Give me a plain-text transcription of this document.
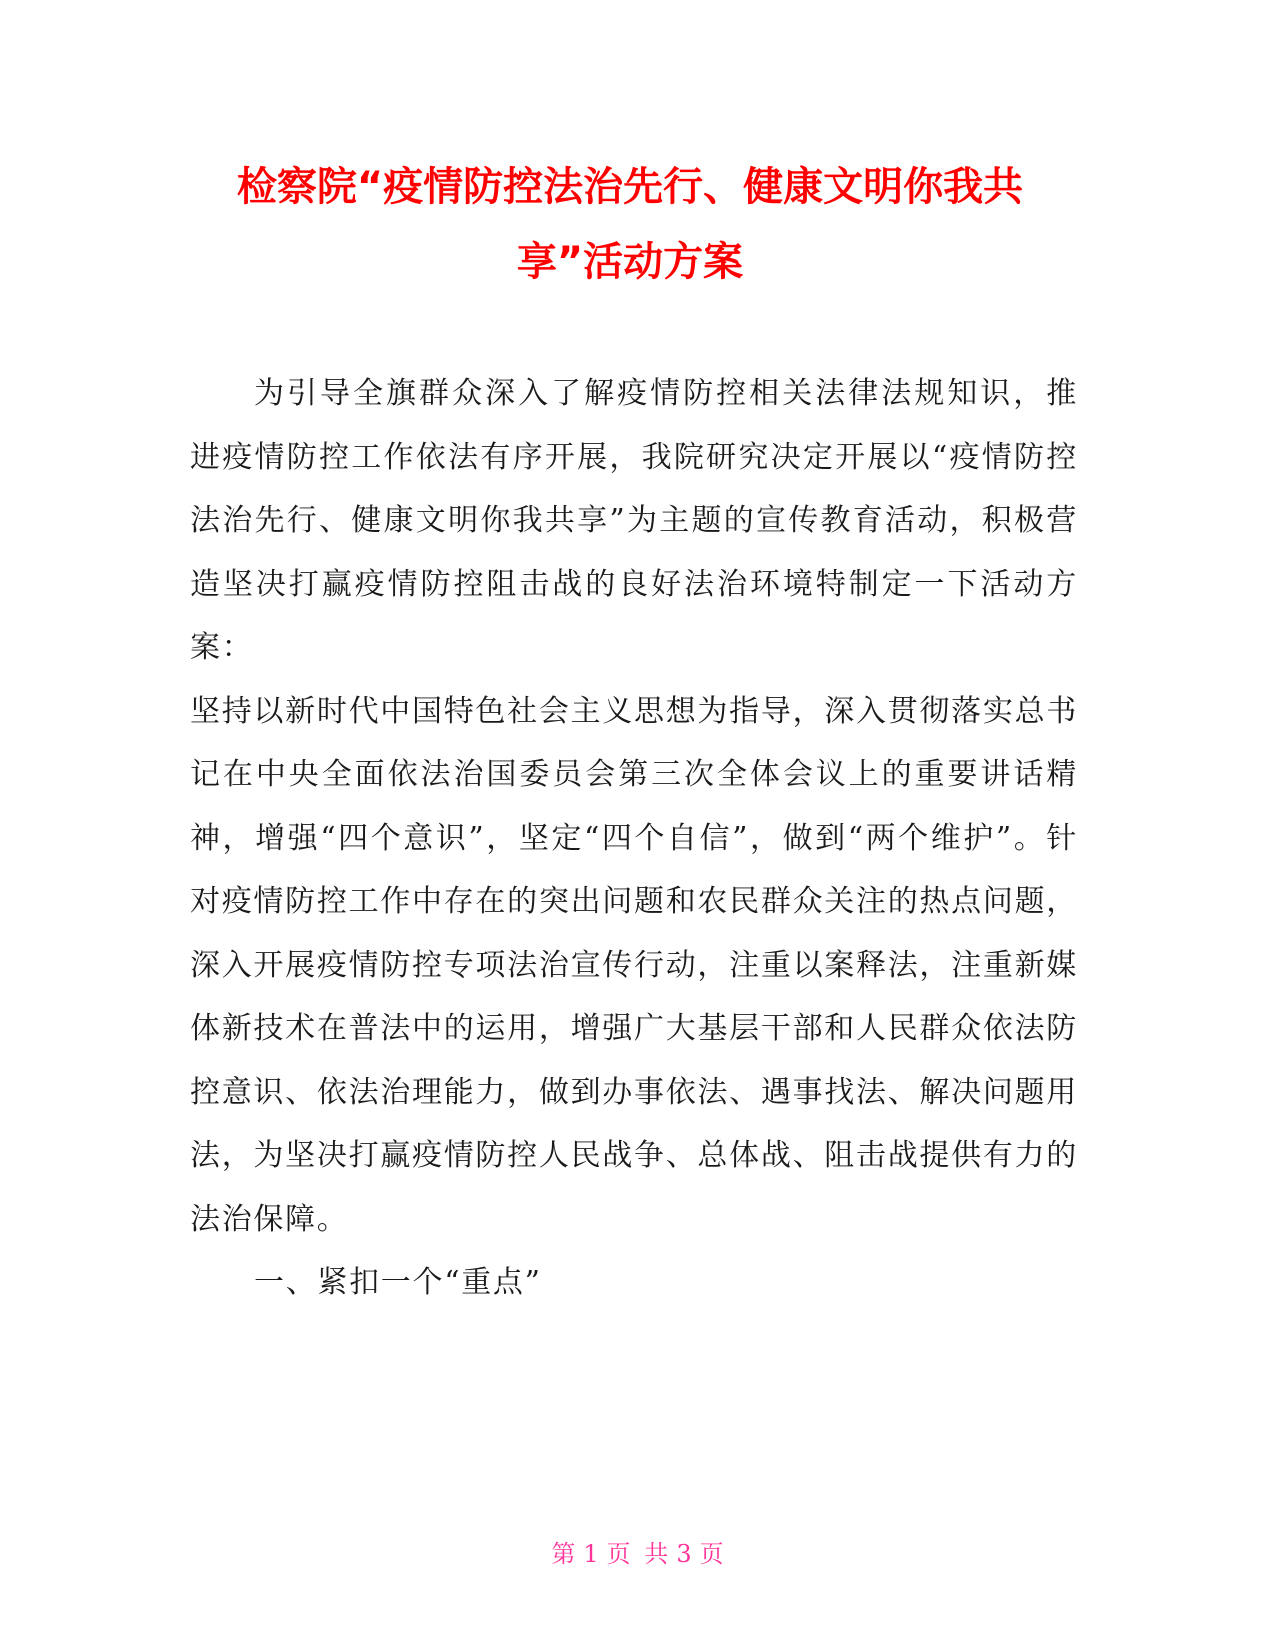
检察院“疫情防控法治先行、健康文明你我共
享”活动方案

为引导全旗群众深入了解疫情防控相关法律法规知识，推进疫情防控工作依法有序开展，我院研究决定开展以“疫情防控法治先行、健康文明你我共享”为主题的宣传教育活动，积极营造坚决打赢疫情防控阻击战的良好法治环境特制定一下活动方案：

坚持以新时代中国特色社会主义思想为指导，深入贯彻落实总书记在中央全面依法治国委员会第三次全体会议上的重要讲话精神，增强“四个意识”，坚定“四个自信”，做到“两个维护”。针对疫情防控工作中存在的突出问题和农民群众关注的热点问题，深入开展疫情防控专项法治宣传行动，注重以案释法，注重新媒体新技术在普法中的运用，增强广大基层干部和人民群众依法防控意识、依法治理能力，做到办事依法、遇事找法、解决问题用法，为坚决打赢疫情防控人民战争、总体战、阻击战提供有力的法治保障。

一、紧扣一个“重点”

第 1 页 共 3 页
